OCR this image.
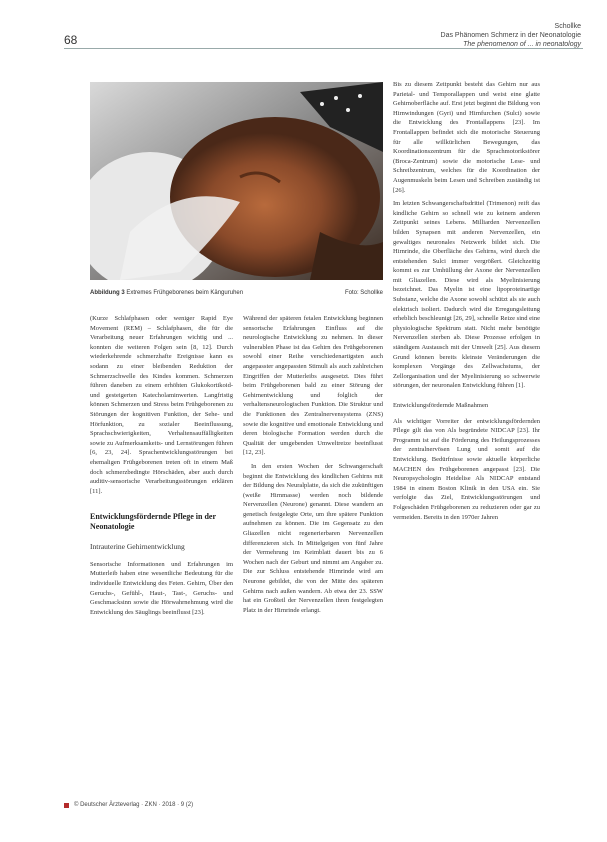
68
Schollke
Das Phänomen Schmerz in der Neonatologie
The phenomenon of ... in neonatology
Foto: Schollke
Abbildung 3 Extremes Frühgeborenes beim Känguruhen

(Kurze Schlafphasen oder weniger Rapid Eye Movement (REM) – Schlafphasen, die für die Verarbeitung neuer Erfahrungen wichtig und ... konnten die weiteren Folgen sein [8, 12]. Durch wiederkehrende schmerzhafte Ereignisse kann es sodann zu einer bleibenden Reduktion der Schmerzschwelle des Kindes kommen. Schmerzen führen daneben zu einem erhöhten Glukokortikoid- und gesteigerten Katecholaminwerten. Langfristig können Schmerzen und Stress beim Frühgeborenen zu Störungen der kognitiven Funktion, der Sehe- und Hörfunktion, zu sozialer Beeinflussung, Sprachschwierigkeiten, Verhaltensauffälligkeiten sowie zu Aufmerksamkeits- und Lernstörungen führen [6, 23, 24]. Sprachentwicklungsstörungen bei ehemaligen Frühgeborenen treten oft in einem Maß doch schmerzbedingte Hörschäden, aber auch durch auditiv-sensorische Verarbeitungsstörungen erklären [11].

Entwicklungsfördernde Pflege in der Neonatologie
Intrauterine Gehirnentwicklung

Sensorische Informationen und Erfahrungen im Mutterleib haben eine wesentliche Bedeutung für die individuelle Entwicklung des Feten. Gehirn, Über den Geruchs-, Gefühl-, Haut-, Tast-, Geruchs- und Geschmacksinn sowie die Hörwahrnehmung wird die Entwicklung des Säuglings beeinflusst [23].

Während der späteren fetalen Entwicklung beginnen sensorische Erfahrungen Einfluss auf die neurologische Entwicklung zu nehmen. In dieser vulnerablen Phase ist das Gehirn des Frühgeborenen sowohl einer Reihe verschiedenartigsten auch angepasster angepassten Stimuli als auch zahlreichen Eingriffen der Mutterleibs ausgesetzt. Dies führt beim Frühgeborenen bald zu einer Störung der Gehirnentwicklung und folglich der verhaltensneurologischen Funktion. Die Struktur und die Funktionen des Zentralnervensystems (ZNS) sowie die kognitive und emotionale Entwicklung und deren biologische Formation werden durch die Qualität der umgebenden Umweltreize beeinflusst [12, 23].

In den ersten Wochen der Schwangerschaft beginnt die Entwicklung des kindlichen Gehirns mit der Bildung des Neuralplatte, da sich die zukünftigen (weiße Hirnmasse) werden noch bildende Nervenzellen (Neurone) genannt. Diese wandern an genetisch festgelegte Orte, um ihre spätere Funktion aufnehmen zu können. Die im Gegensatz zu den Gliazellen nicht regenerierbaren Nervenzellen differenzieren sich. In Mittelgeigen von fünf Jahre der Vermehrung im Keimblatt dauert bis zu 6 Wochen nach der Geburt und nimmt am Angaber zu. Die zur Schluss entstehende Hirnrinde wird am Neurone gebildet, die von der Mitte des späteren Gehirns nach außen wandern. Ab etwa der 23. SSW hat ein Großteil der Nervenzellen ihren festgelegten Platz in der Hirnrinde erlangt.

Bis zu diesem Zeitpunkt besteht das Gehirn nur aus Parietal- und Temporallappen und weist eine glatte Gehirnoberfläche auf. Erst jetzt beginnt die Bildung von Hirnwindungen (Gyri) und Hirnfurchen (Sulci) sowie die Entwicklung des Frontallappens [23]. Im Frontallappen befindet sich die motorische Steuerung für alle willkürlichen Bewegungen, das Koordinationszentrum für die Sprachmotorikstörer (Broca-Zentrum) sowie die motorische Lese- und Schreibzentrum, welches für die Koordination der Augenmuskeln beim Lesen und Schreiben zuständig ist [26].

Im letzten Schwangerschaftsdrittel (Trimenon) reift das kindliche Gehirn so schnell wie zu keinem anderen Zeitpunkt seines Lebens. Milliarden Nervenzellen bilden Synapsen mit anderen Nervenzellen, ein gewaltiges neuronales Netzwerk bildet sich. Die Hirnrinde, die Oberfläche des Gehirns, wird durch die entstehenden Sulci immer vergrößert. Gleichzeitig kommt es zur Umhüllung der Axone der Nervenzellen mit Gliazellen. Diese wird als Myelinisierung bezeichnet. Das Myelin ist eine lipoproteinartige Substanz, welche die Axone sowohl schützt als sie auch elektrisch isoliert. Dadurch wird die Erregungsleitung erheblich beschleunigt [26, 29], schnelle Reize sind eine physiologische Spektrum statt. Nicht mehr benötigte Nervenzellen sterben ab. Diese Prozesse erfolgen in ständigem Austausch mit der Umwelt [25]. Aus diesem Grund können bereits kleinste Veränderungen die komplexen Vorgänge des Zellwachstums, der Zellorganisation und der Myelinisierung so schwerwie störungen, der neuronalen Entwicklung führen [1].

Entwicklungsfördernde Maßnahmen

Als wichtiger Vorreiter der entwicklungsfördernden Pflege gilt das von Als begründete NIDCAP [23]. Ihr Programm ist auf die Förderung des Heilungsprozesses der zentralnervösen Lung und somit auf die Entwicklung. Bedürfnisse sowie aktuelle körperliche MACHEN des Frühgeborenen angepasst [23]. Die Neuropsychologin Heidelise Als NIDCAP entstand 1984 in einem Boston Klinik in den USA ein. Sie verfolgte das Ziel, Entwicklungsstörungen und Folgeschäden Frühgeborenen zu reduzieren oder gar zu vermeiden. Bereits in den 1970er Jahren

© Deutscher Ärzteverlag · ZKN · 2018 · 9 (2)
